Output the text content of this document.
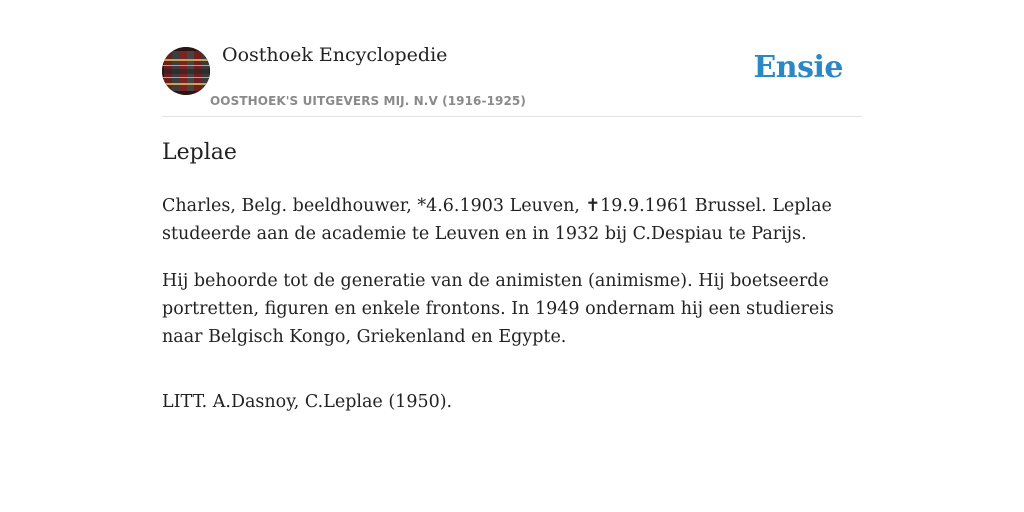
Oosthoek Encyclopedie
OOSTHOEK'S UITGEVERS MIJ. N.V (1916-1925)
Ensie
Leplae

Charles, Belg. beeldhouwer, *4.6.1903 Leuven, ✝19.9.1961 Brussel. Leplae studeerde aan de academie te Leuven en in 1932 bij C.Despiau te Parijs.

Hij behoorde tot de generatie van de animisten (animisme). Hij boetseerde portretten, figuren en enkele frontons. In 1949 ondernam hij een studiereis naar Belgisch Kongo, Griekenland en Egypte.

LITT. A.Dasnoy, C.Leplae (1950).
